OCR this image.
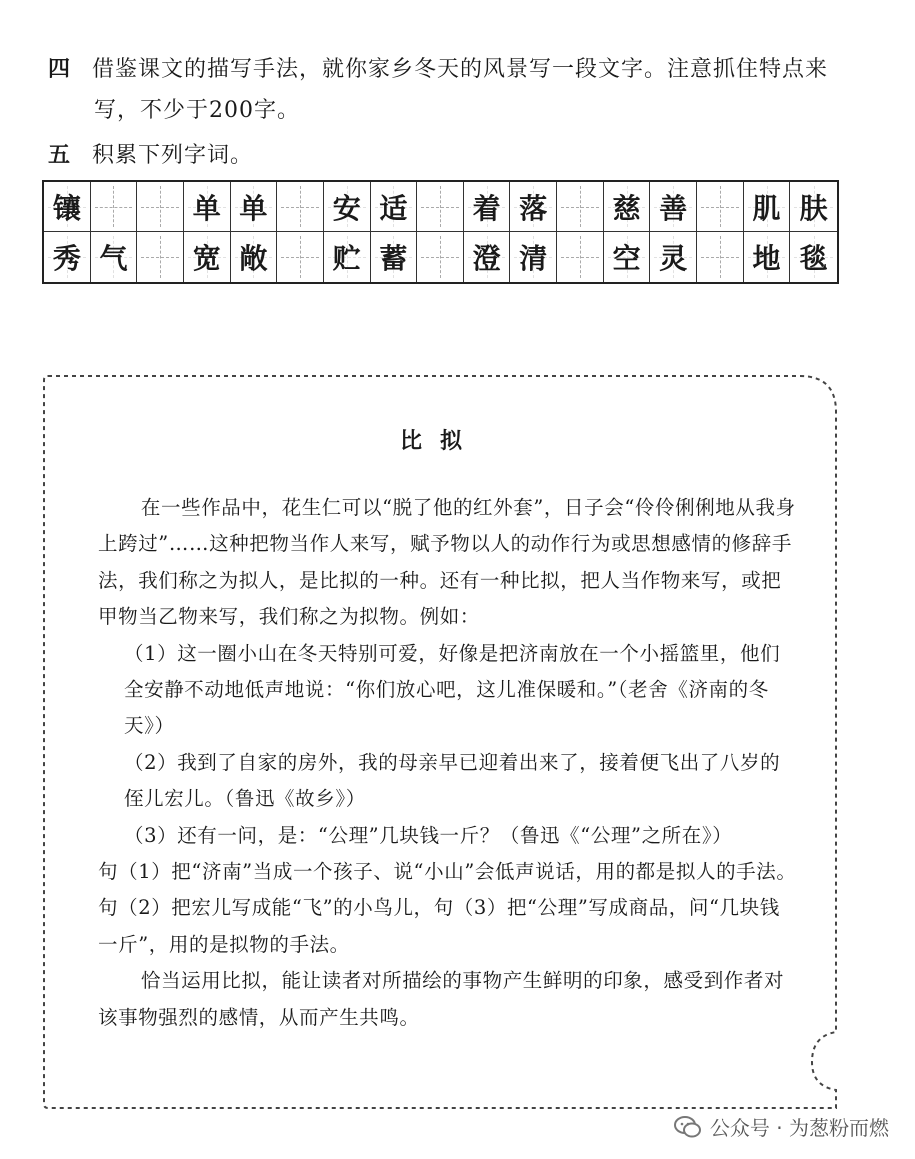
四 借鉴课文的描写手法，就你家乡冬天的风景写一段文字。注意抓住特点来
写，不少于200字。
五 积累下列字词。
镶	单 单 安 适 着 落 慈 善 肌 肤
秀 气 宽 敞 贮 蓄 澄 清 空 灵 地 毯
比拟

在一些作品中，花生仁可以“脱了他的红外套”，日子会“伶伶俐俐地从我身上跨过”……这种把物当作人来写，赋予物以人的动作行为或思想感情的修辞手法，我们称之为拟人，是比拟的一种。还有一种比拟，把人当作物来写，或把甲物当乙物来写，我们称之为拟物。例如：

（1）这一圈小山在冬天特别可爱，好像是把济南放在一个小摇篮里，他们全安静不动地低声地说：“你们放心吧，这儿准保暖和。”（老舍《济南的冬天》）

（2）我到了自家的房外，我的母亲早已迎着出来了，接着便飞出了八岁的侄儿宏儿。（鲁迅《故乡》）

（3）还有一问，是：“公理”几块钱一斤？（鲁迅《“公理”之所在》）

句（1）把“济南”当成一个孩子、说“小山”会低声说话，用的都是拟人的手法。句（2）把宏儿写成能“飞”的小鸟儿，句（3）把“公理”写成商品，问“几块钱一斤”，用的是拟物的手法。

恰当运用比拟，能让读者对所描绘的事物产生鲜明的印象，感受到作者对该事物强烈的感情，从而产生共鸣。

公众号 · 为葱粉而燃
